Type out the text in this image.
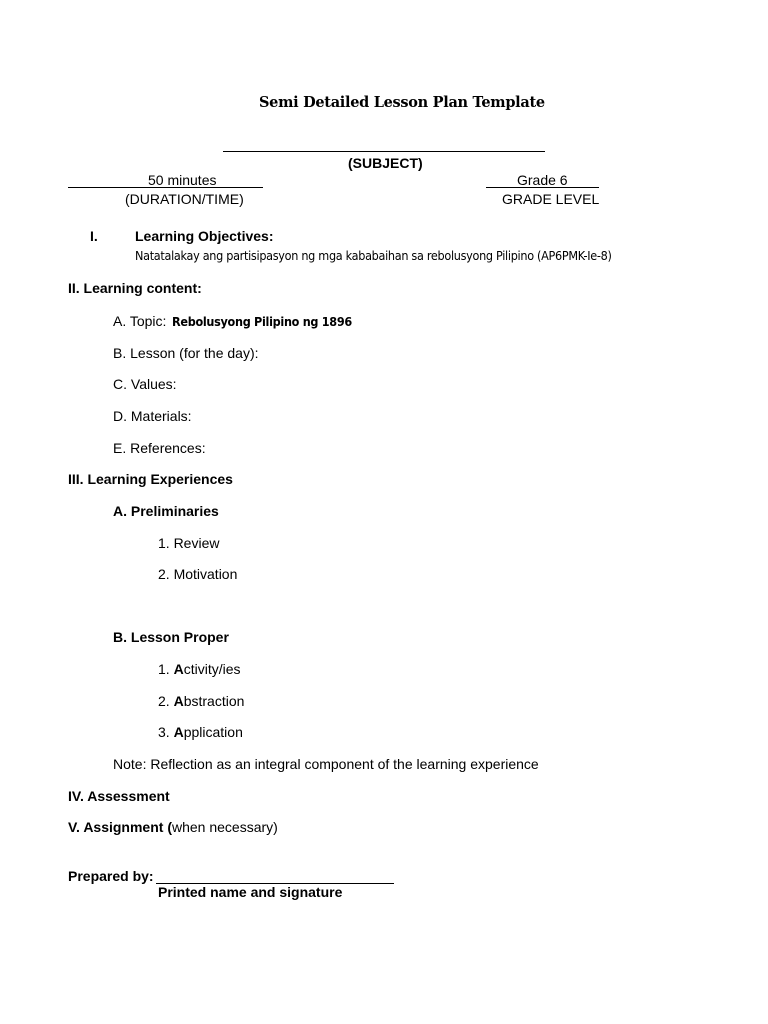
Semi Detailed Lesson Plan Template
(SUBJECT)
50 minutes
(DURATION/TIME)
Grade 6
GRADE LEVEL
I.	Learning Objectives:
Natatalakay ang partisipasyon ng mga kababaihan sa rebolusyong Pilipino (AP6PMK-Ie-8)
II. Learning content:
A. Topic: Rebolusyong Pilipino ng 1896
B. Lesson (for the day):
C. Values:
D. Materials:
E. References:
III. Learning Experiences
A. Preliminaries
1. Review
2. Motivation
B. Lesson Proper
1. Activity/ies
2. Abstraction
3. Application
Note: Reflection as an integral component of the learning experience
IV. Assessment
V. Assignment (when necessary)
Prepared by:
Printed name and signature
